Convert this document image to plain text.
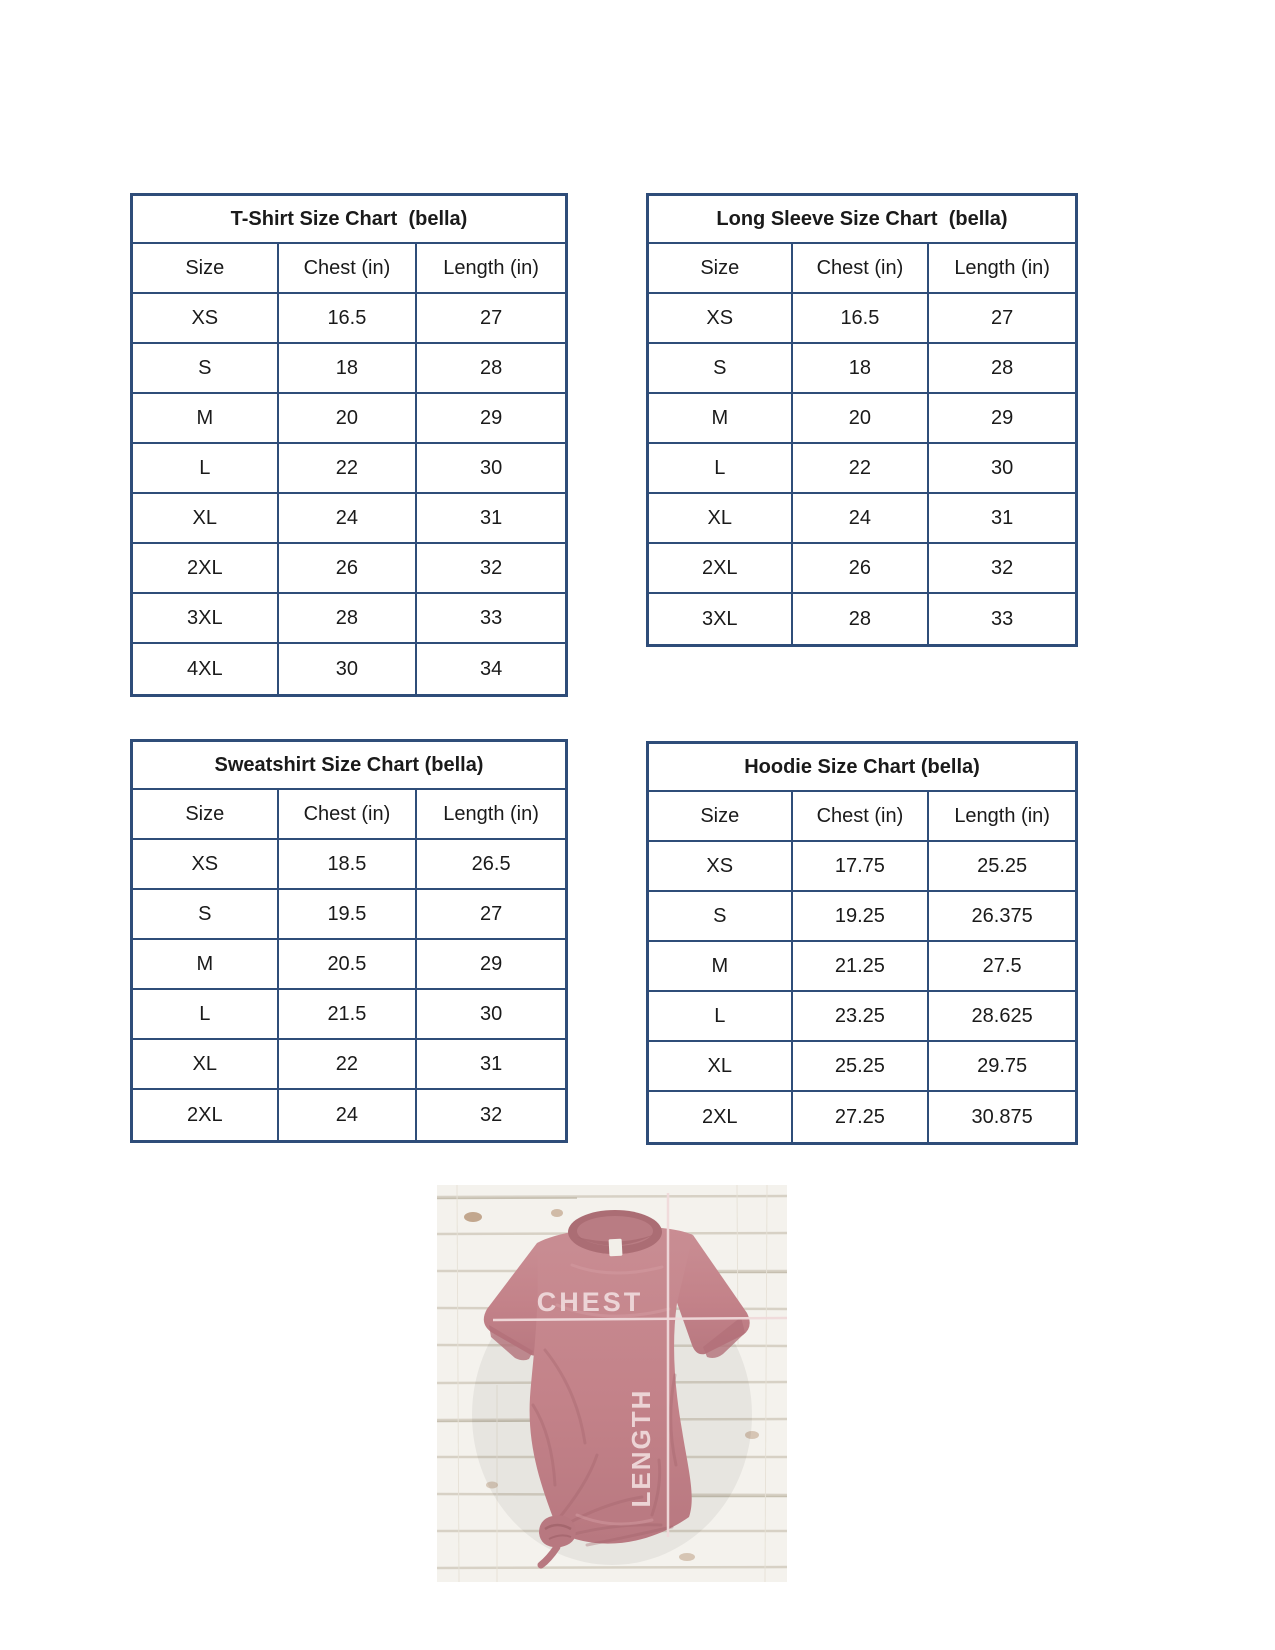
T-Shirt Size Chart  (bella)
Size	Chest (in)	Length (in)
XS	16.5	27
S	18	28
M	20	29
L	22	30
XL	24	31
2XL	26	32
3XL	28	33
4XL	30	34
Long Sleeve Size Chart  (bella)
Size	Chest (in)	Length (in)
XS	16.5	27
S	18	28
M	20	29
L	22	30
XL	24	31
2XL	26	32
3XL	28	33
Sweatshirt Size Chart (bella)
Size	Chest (in)	Length (in)
XS	18.5	26.5
S	19.5	27
M	20.5	29
L	21.5	30
XL	22	31
2XL	24	32
Hoodie Size Chart (bella)
Size	Chest (in)	Length (in)
XS	17.75	25.25
S	19.25	26.375
M	21.25	27.5
L	23.25	28.625
XL	25.25	29.75
2XL	27.25	30.875
CHEST
LENGTH
